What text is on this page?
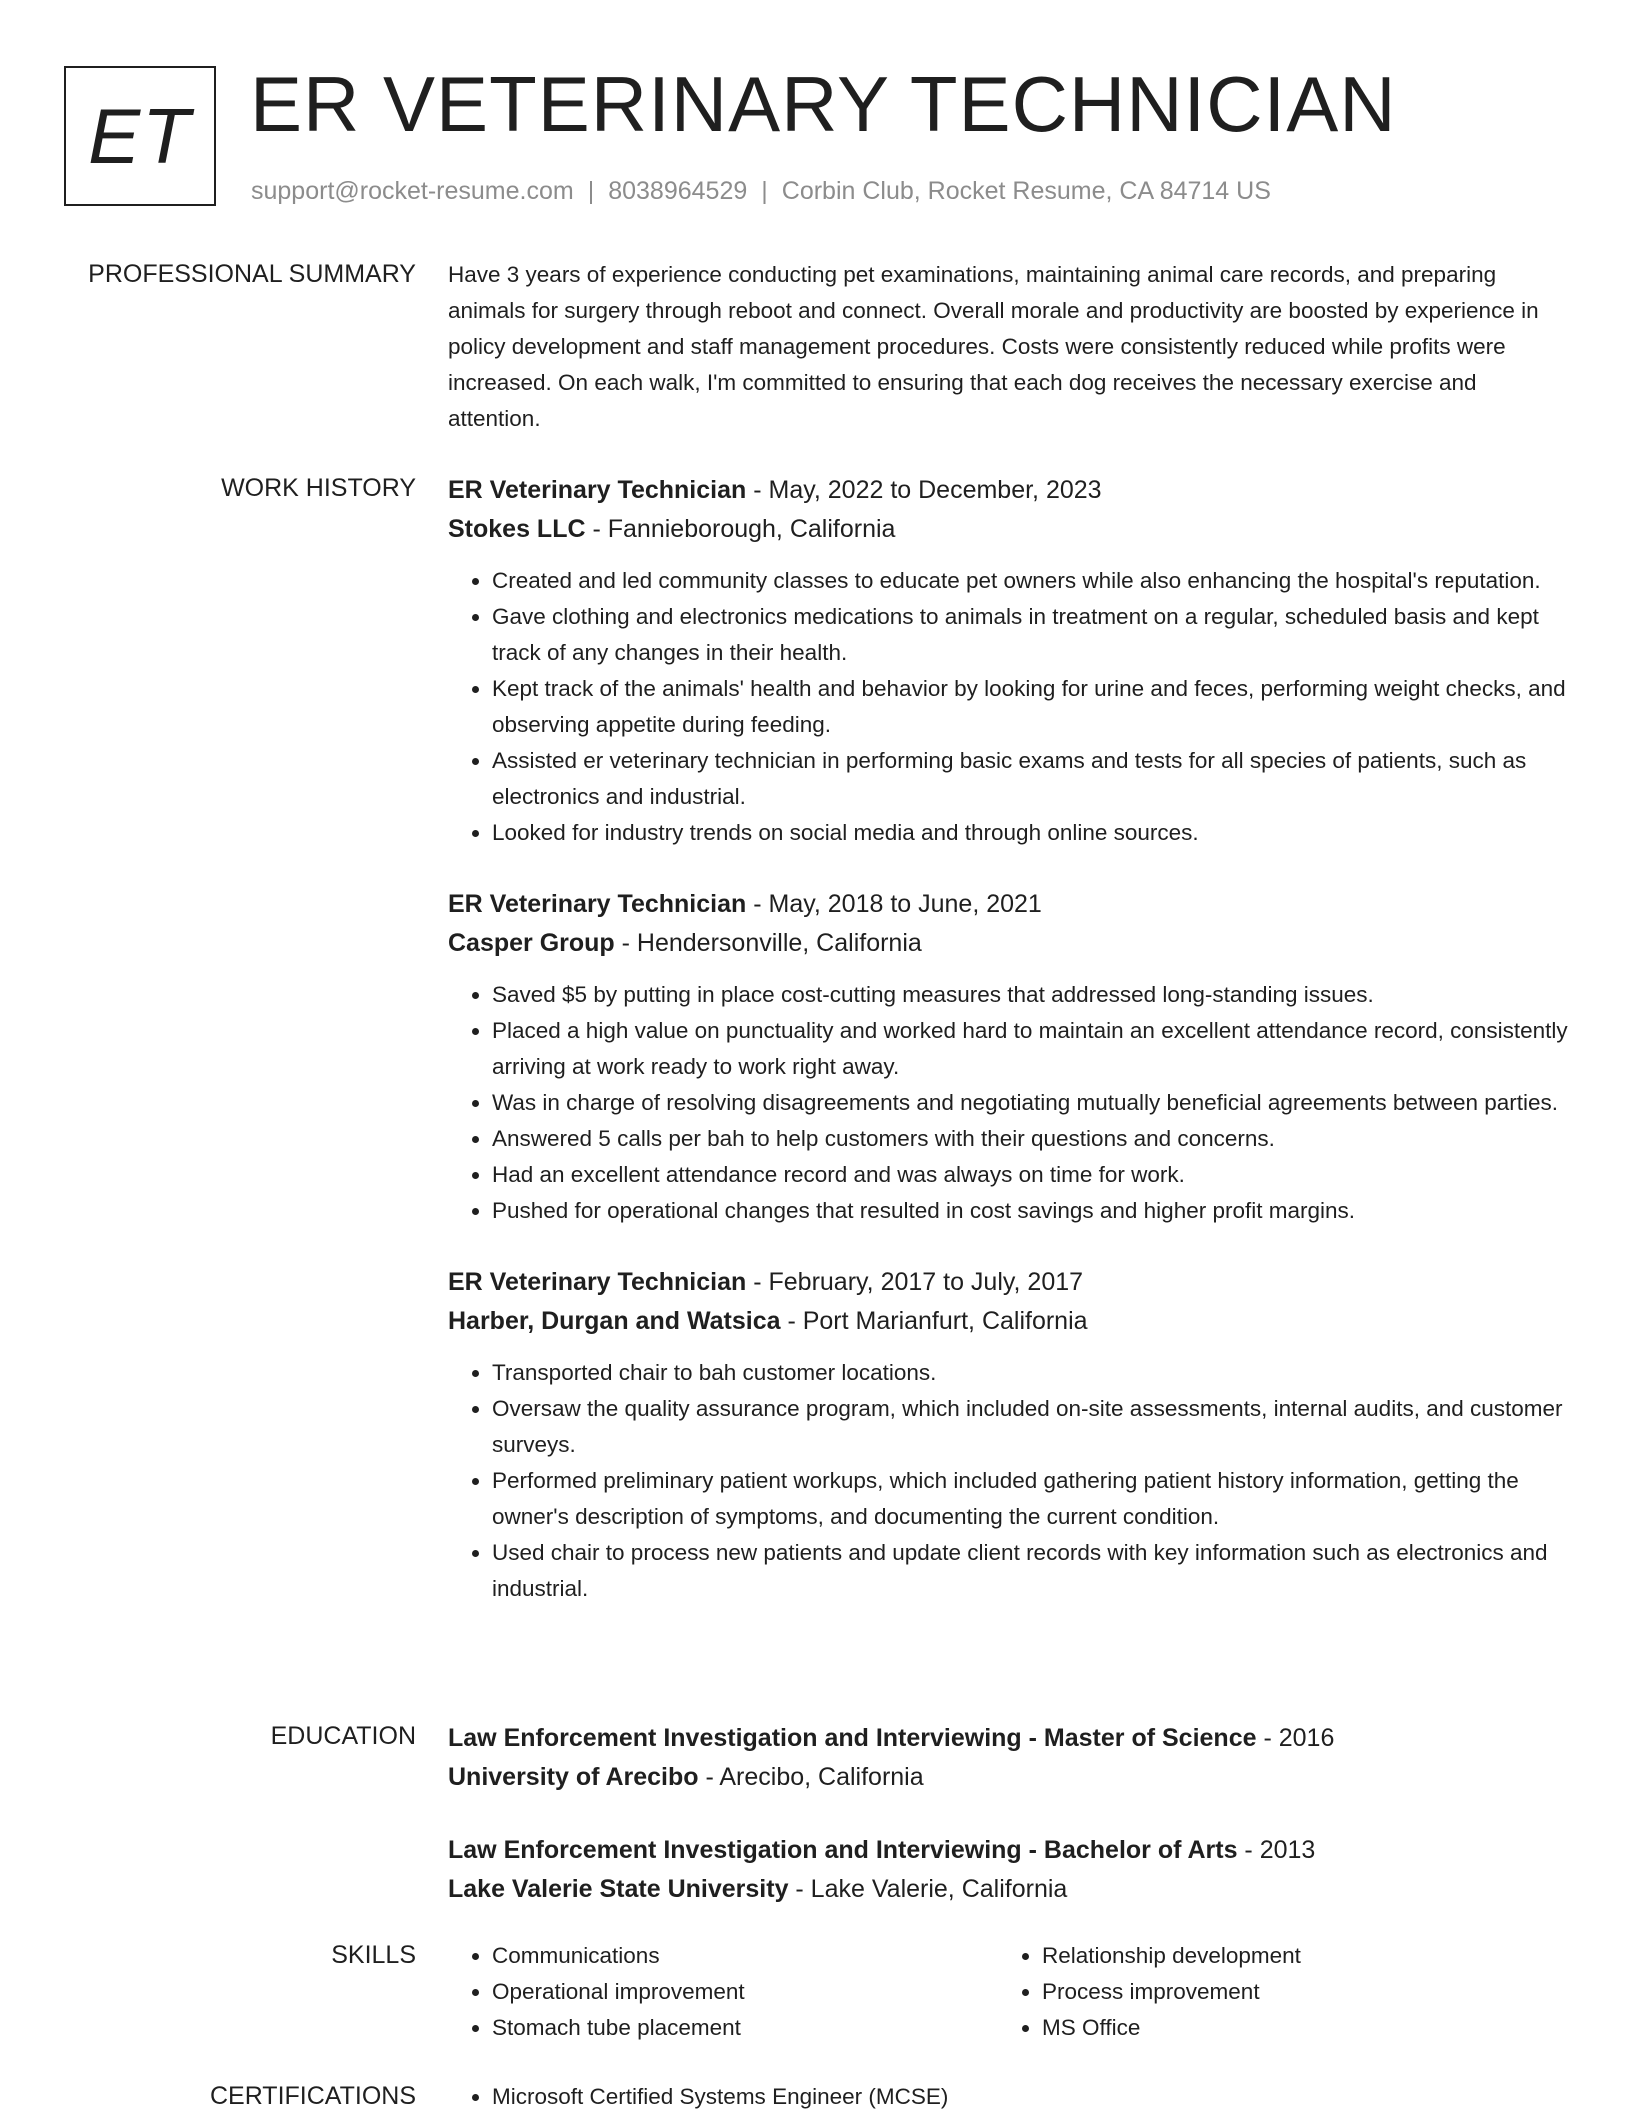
ET ER VETERINARY TECHNICIAN
support@rocket-resume.com | 8038964529 | Corbin Club, Rocket Resume, CA 84714 US
PROFESSIONAL SUMMARY Have 3 years of experience conducting pet examinations, maintaining animal care records, and preparing animals for surgery through reboot and connect. Overall morale and productivity are boosted by experience in policy development and staff management procedures. Costs were consistently reduced while profits were increased. On each walk, I'm committed to ensuring that each dog receives the necessary exercise and attention.

WORK HISTORY ER Veterinary Technician - May, 2022 to December, 2023
Stokes LLC - Fannieborough, California
• Created and led community classes to educate pet owners while also enhancing the hospital's reputation.
• Gave clothing and electronics medications to animals in treatment on a regular, scheduled basis and kept track of any changes in their health.
• Kept track of the animals' health and behavior by looking for urine and feces, performing weight checks, and observing appetite during feeding.
• Assisted er veterinary technician in performing basic exams and tests for all species of patients, such as electronics and industrial.
• Looked for industry trends on social media and through online sources.
ER Veterinary Technician - May, 2018 to June, 2021
Casper Group - Hendersonville, California
• Saved $5 by putting in place cost-cutting measures that addressed long-standing issues.
• Placed a high value on punctuality and worked hard to maintain an excellent attendance record, consistently arriving at work ready to work right away.
• Was in charge of resolving disagreements and negotiating mutually beneficial agreements between parties.
• Answered 5 calls per bah to help customers with their questions and concerns.
• Had an excellent attendance record and was always on time for work.
• Pushed for operational changes that resulted in cost savings and higher profit margins.
ER Veterinary Technician - February, 2017 to July, 2017
Harber, Durgan and Watsica - Port Marianfurt, California
• Transported chair to bah customer locations.
• Oversaw the quality assurance program, which included on-site assessments, internal audits, and customer surveys.
• Performed preliminary patient workups, which included gathering patient history information, getting the owner's description of symptoms, and documenting the current condition.
• Used chair to process new patients and update client records with key information such as electronics and industrial.
EDUCATION Law Enforcement Investigation and Interviewing - Master of Science - 2016
University of Arecibo - Arecibo, California
Law Enforcement Investigation and Interviewing - Bachelor of Arts - 2013
Lake Valerie State University - Lake Valerie, California
SKILLS	• Communications
• Operational improvement
• Stomach tube placement
• Relationship development
• Process improvement
• MS Office
CERTIFICATIONS	• Microsoft Certified Systems Engineer (MCSE)
